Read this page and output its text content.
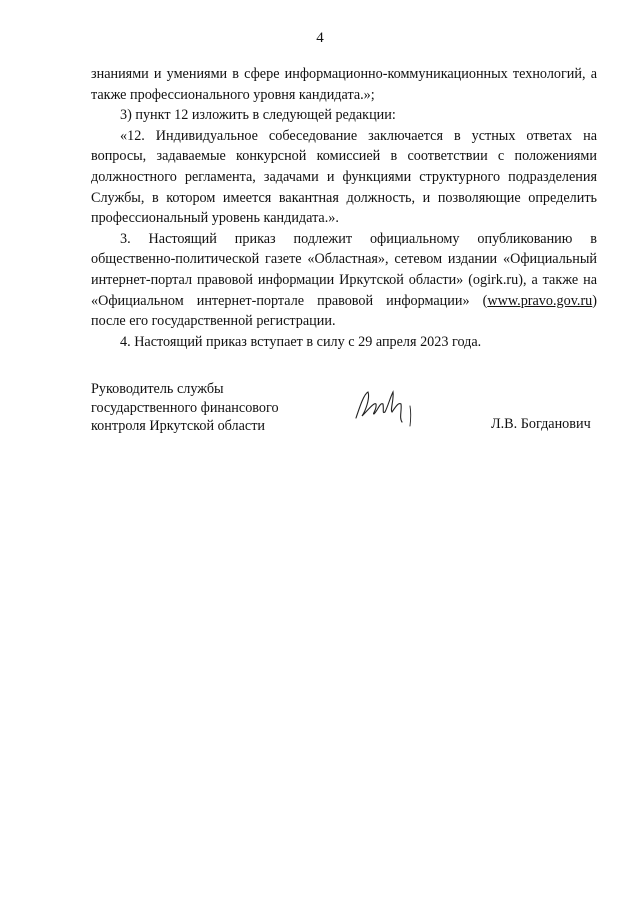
4

знаниями и умениями в сфере информационно-коммуникационных технологий, а также профессионального уровня кандидата.»;

3) пункт 12 изложить в следующей редакции:

«12. Индивидуальное собеседование заключается в устных ответах на вопросы, задаваемые конкурсной комиссией в соответствии с положениями должностного регламента, задачами и функциями структурного подразделения Службы, в котором имеется вакантная должность, и позволяющие определить профессиональный уровень кандидата.».

3. Настоящий приказ подлежит официальному опубликованию в общественно-политической газете «Областная», сетевом издании «Официальный интернет-портал правовой информации Иркутской области» (ogirk.ru), а также на «Официальном интернет-портале правовой информации» (www.pravo.gov.ru) после его государственной регистрации.

4. Настоящий приказ вступает в силу с 29 апреля 2023 года.

Руководитель службы
государственного финансового
контроля Иркутской области	Л.В. Богданович
